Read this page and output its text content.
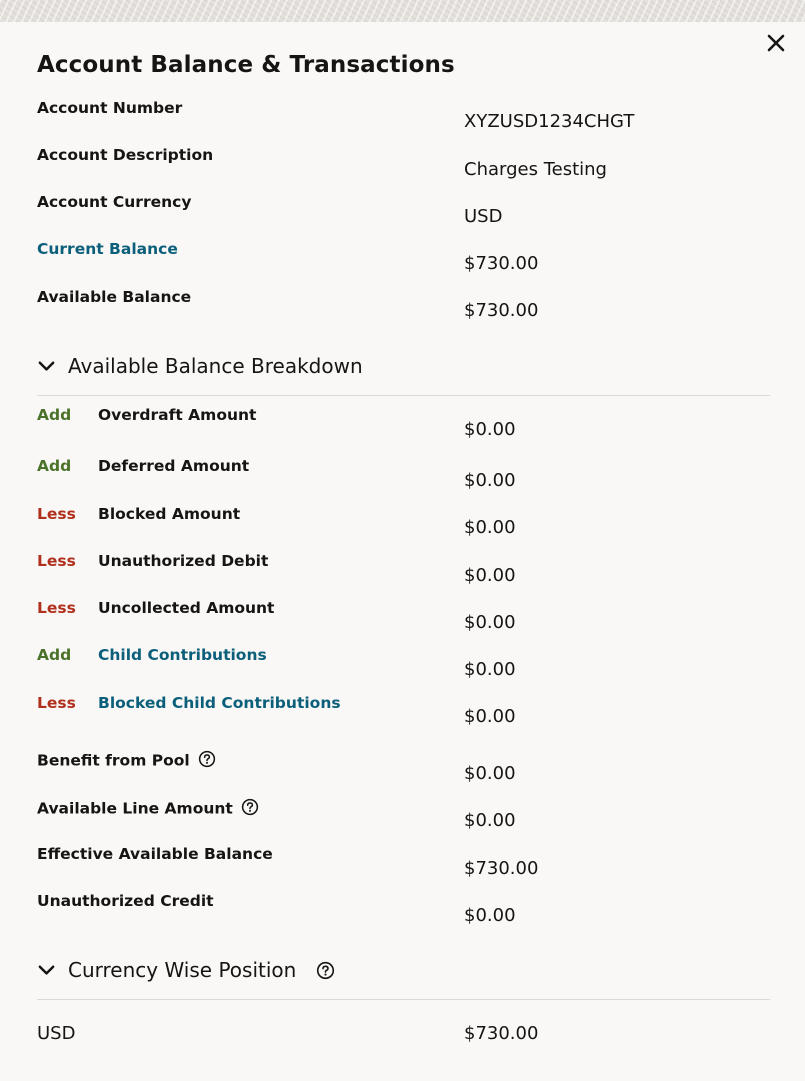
Account Balance & Transactions
Account Number
XYZUSD1234CHGT
Account Description
Charges Testing
Account Currency
USD
Current Balance
$730.00
Available Balance
$730.00
Available Balance Breakdown
Add Overdraft Amount
$0.00
Add Deferred Amount
$0.00
Less Blocked Amount
$0.00
Less Unauthorized Debit
$0.00
Less Uncollected Amount
$0.00
Add Child Contributions
$0.00
Less Blocked Child Contributions
$0.00
Benefit from Pool
$0.00
Available Line Amount
$0.00
Effective Available Balance
$730.00
Unauthorized Credit
$0.00
Currency Wise Position
USD	$730.00
